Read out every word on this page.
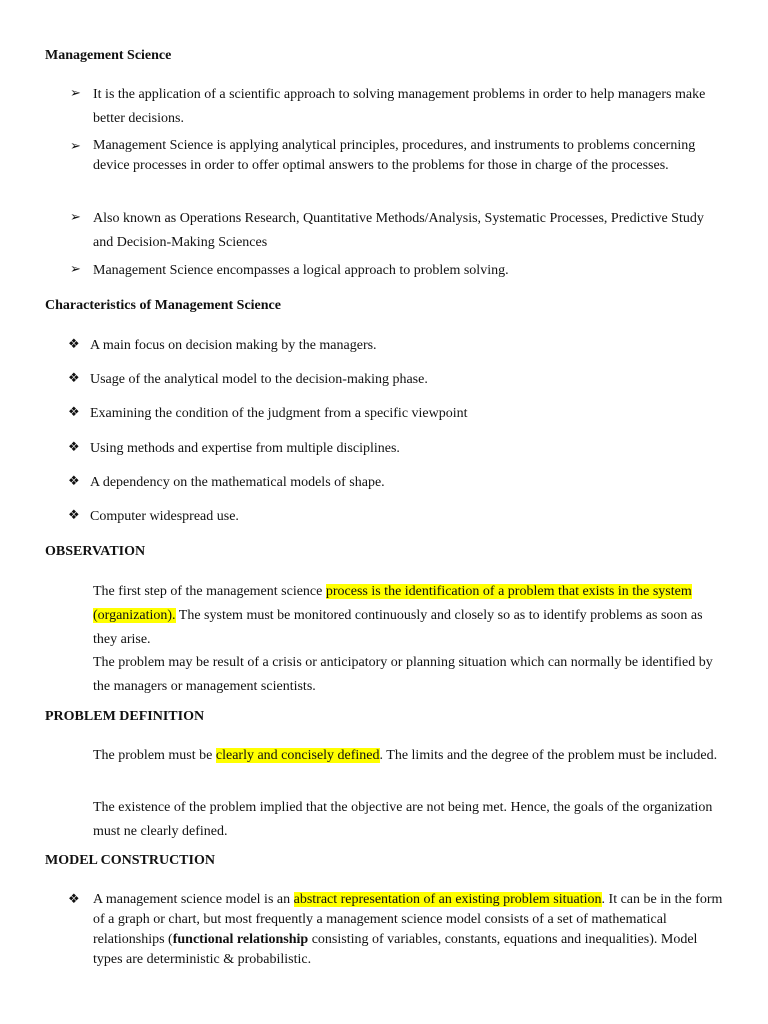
Management Science
➢ It is the application of a scientific approach to solving management problems in order to help managers make better decisions.
➢ Management Science is applying analytical principles, procedures, and instruments to problems concerning device processes in order to offer optimal answers to the problems for those in charge of the processes.
➢ Also known as Operations Research, Quantitative Methods/Analysis, Systematic Processes, Predictive Study and Decision-Making Sciences
➢ Management Science encompasses a logical approach to problem solving.
Characteristics of Management Science
❖ A main focus on decision making by the managers.
❖ Usage of the analytical model to the decision-making phase.
❖ Examining the condition of the judgment from a specific viewpoint
❖ Using methods and expertise from multiple disciplines.
❖ A dependency on the mathematical models of shape.
❖ Computer widespread use.
OBSERVATION
The first step of the management science process is the identification of a problem that exists in the system (organization). The system must be monitored continuously and closely so as to identify problems as soon as they arise.
The problem may be result of a crisis or anticipatory or planning situation which can normally be identified by the managers or management scientists.
PROBLEM DEFINITION
The problem must be clearly and concisely defined. The limits and the degree of the problem must be included.
The existence of the problem implied that the objective are not being met. Hence, the goals of the organization must ne clearly defined.
MODEL CONSTRUCTION
❖ A management science model is an abstract representation of an existing problem situation. It can be in the form of a graph or chart, but most frequently a management science model consists of a set of mathematical relationships (functional relationship consisting of variables, constants, equations and inequalities). Model types are deterministic & probabilistic.
